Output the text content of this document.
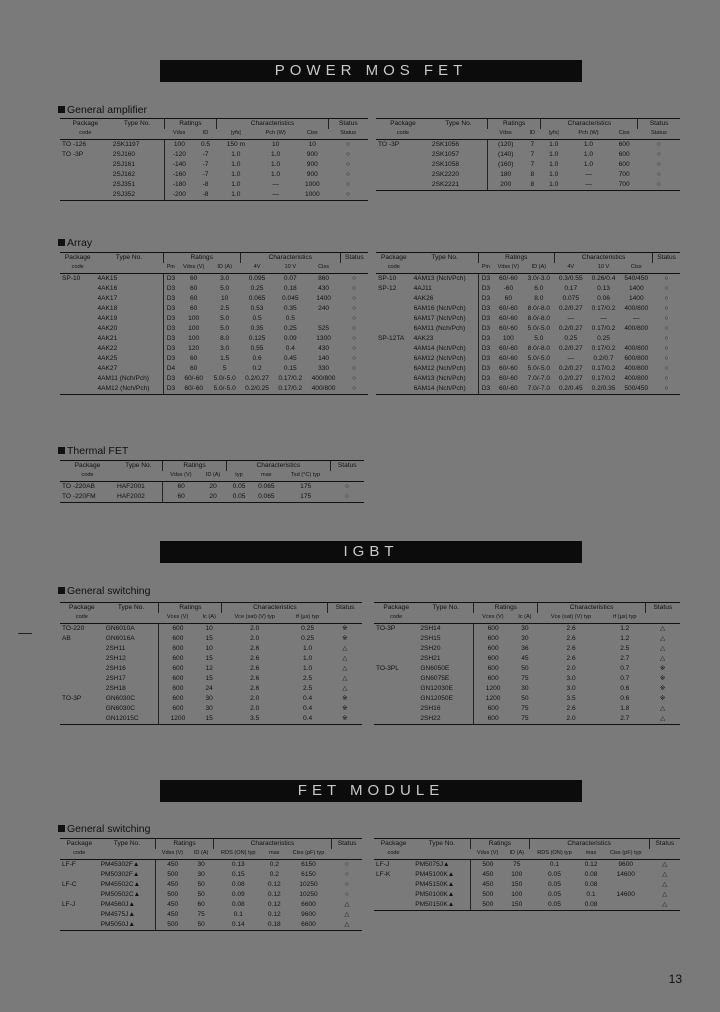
POWER MOS FET
General amplifier
Package	Type No.	Ratings		Characteristics			Status
code		Vdss	ID	|yfs|	Pch (W)	Ciss	Status
TO -126	2SK1197	100	0.5	150 m	10	10	○
TO -3P	2SJ160	-120	-7	1.0	1.0	900	○
	2SJ161	-140	-7	1.0	1.0	900	○
	2SJ162	-160	-7	1.0	1.0	900	○
	2SJ351	-180	-8	1.0	—	1000	○
	2SJ352	-200	-8	1.0	—	1000	○
Package	Type No.	Ratings		Characteristics			Status
code		Vdss	ID	|yfs|	Pch (W)	Ciss	Status
TO -3P	2SK1056	(120)	7	1.0	1.0	600	○
	2SK1057	(140)	7	1.0	1.0	600	○
	2SK1058	(160)	7	1.0	1.0	600	○
	2SK2220	180	8	1.0	—	700	○
	2SK2221	200	8	1.0	—	700	○
Array
Package	Type No.	Ratings			Characteristics			Status
code		Pin	Vdss (V)	ID (A)	4V	10 V	Ciss	
SP-10	4AK15	D3	60	3.0	0.095	0.07	860	○
	4AK16	D3	60	5.0	0.25	0.18	430	○
	4AK17	D3	60	10	0.065	0.045	1400	○
	4AK18	D3	60	2.5	0.53	0.35	240	○
	4AK19	D3	100	5.0	0.5	0.5		○
	4AK20	D3	100	5.0	0.35	0.25	525	○
	4AK21	D3	100	8.0	0.125	0.09	1300	○
	4AK22	D3	120	3.0	0.55	0.4	430	○
	4AK25	D3	60	1.5	0.6	0.45	140	○
	4AK27	D4	60	5	0.2	0.15	330	○
	4AM11 (Nch/Pch)	D3	60/-60	5.0/-5.0	0.2/0.27	0.17/0.2	400/800	○
	4AM12 (Nch/Pch)	D3	60/-60	5.0/-5.0	0.2/0.25	0.17/0.2	400/800	○
Package	Type No.	Ratings			Characteristics			Status
code		Pin	Vdss (V)	ID (A)	4V	10 V	Ciss	
SP-10	4AM13 (Nch/Pch)	D3	60/-60	3.0/-3.0	0.3/0.55	0.26/0.4	540/450	○
SP-12	4AJ11	D3	-60	6.0	0.17	0.13	1400	○
	4AK26	D3	60	8.0	0.075	0.06	1400	○
	6AM16 (Nch/Pch)	D3	60/-60	8.0/-8.0	0.2/0.27	0.17/0.2	400/800	○
	6AM17 (Nch/Pch)	D3	60/-60	8.0/-8.0	—	—	—	○
	6AM11 (Nch/Pch)	D3	60/-60	5.0/-5.0	0.2/0.27	0.17/0.2	400/800	○
SP-12TA	4AK23	D3	100	5.0	0.25	0.25		○
	4AM14 (Nch/Pch)	D3	60/-60	8.0/-8.0	0.2/0.27	0.17/0.2	400/800	○
	6AM12 (Nch/Pch)	D3	60/-60	5.0/-5.0	—	0.2/0.7	600/800	○
	6AM12 (Nch/Pch)	D3	60/-60	5.0/-5.0	0.2/0.27	0.17/0.2	400/800	○
	6AM13 (Nch/Pch)	D3	60/-60	7.0/-7.0	0.2/0.27	0.17/0.2	400/800	○
	6AM14 (Nch/Pch)	D3	60/-60	7.0/-7.0	0.2/0.45	0.2/0.35	500/450	○
Thermal FET
Package	Type No.	Ratings		Characteristics			Status
code		Vdss (V)	ID (A)	typ	max	Tsd (°C) typ	
TO -220AB	HAF2001	60	20	0.05	0.065	175	○
TO -220FM	HAF2002	60	20	0.05	0.065	175	○
IGBT
General switching
Package	Type No.	Ratings		Characteristics		Status
code		Vces (V)	Ic (A)	Vce (sat) (V) typ	tf (µs) typ	
TO-220	GN6010A	600	10	2.0	0.25	※
AB	GN6016A	600	15	2.0	0.25	※
	2SH11	600	10	2.6	1.0	△
	2SH12	600	15	2.6	1.0	△
	2SH16	600	12	2.6	1.0	△
	2SH17	600	15	2.6	2.5	△
	2SH18	600	24	2.6	2.5	△
TO-3P	GN6030C	600	30	2.0	0.4	※
	GN6030C	600	30	2.0	0.4	※
	GN12015C	1200	15	3.5	0.4	※
Package	Type No.	Ratings		Characteristics		Status
code		Vces (V)	Ic (A)	Vce (sat) (V) typ	tf (µs) typ	
TO-3P	2SH14	600	30	2.6	1.2	△
	2SH15	600	30	2.6	1.2	△
	2SH20	600	36	2.6	2.5	△
	2SH21	600	45	2.6	2.7	△
TO-3PL	GN6050E	600	50	2.0	0.7	※
	GN6075E	600	75	3.0	0.7	※
	GN12030E	1200	30	3.0	0.6	※
	GN12050E	1200	50	3.5	0.6	※
	2SH16	600	75	2.6	1.8	△
	2SH22	600	75	2.0	2.7	△
FET MODULE
General switching
Package	Type No.	Ratings		Characteristics			Status
code		Vdss (V)	ID (A)	RDS (ON) typ	max	Ciss (pF) typ	
LF-F	PM45302F▲	450	30	0.13	0.2	6150	○
	PM50302F▲	500	30	0.15	0.2	6150	○
LF-C	PM45502C▲	450	50	0.08	0.12	10250	○
	PM50502C▲	500	50	0.09	0.12	10250	○
LF-J	PM4560J▲	450	60	0.08	0.12	6600	△
	PM4575J▲	450	75	0.1	0.12	9600	△
	PM5050J▲	500	50	0.14	0.18	6600	△
Package	Type No.	Ratings		Characteristics			Status
code		Vdss (V)	ID (A)	RDS (ON) typ	max	Ciss (pF) typ	
LF-J	PM5075J▲	500	75	0.1	0.12	9600	△
LF-K	PM45100K▲	450	100	0.05	0.08	14600	△
	PM45150K▲	450	150	0.05	0.08		△
	PM50100K▲	500	100	0.05	0.1	14600	△
	PM50150K▲	500	150	0.05	0.08		△
13
